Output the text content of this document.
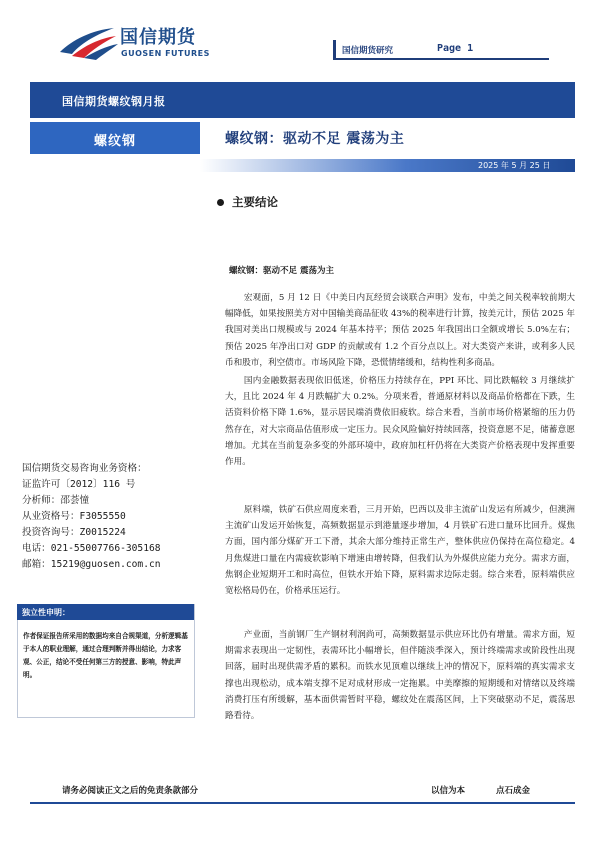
国信期货
GUOSEN FUTURES	国信期货研究	Page 1
国信期货螺纹钢月报
螺纹钢	螺纹钢：驱动不足 震荡为主
2025 年 5 月 25 日
主要结论
螺纹钢：驱动不足 震荡为主

宏观面，5 月 12 日《中美日内瓦经贸会谈联合声明》发布，中美之间关税率较前期大幅降低，如果按照美方对中国输美商品征收 43%的税率进行计算，按美元计，预估 2025 年我国对美出口规模或与 2024 年基本持平；预估 2025 年我国出口全额或增长 5.0%左右；预估 2025 年净出口对 GDP 的贡献或有 1.2 个百分点以上。对大类资产来讲，或利多人民币和股市，利空债市。市场风险下降，恐慌情绪缓和，结构性利多商品。

国内金融数据表现依旧低迷，价格压力持续存在，PPI 环比、同比跌幅较 3 月继续扩大，且比 2024 年 4 月跌幅扩大 0.2%。分项来看，普通原材料以及商品价格都在下跌，生活资料价格下降 1.6%，显示居民端消费依旧疲软。综合来看，当前市场价格紧缩的压力仍然存在，对大宗商品估值形成一定压力。民众风险偏好持续回落，投资意愿不足，储蓄意愿增加。尤其在当前复杂多变的外部环境中，政府加杠杆仍将在大类资产价格表现中发挥重要作用。

原料端，铁矿石供应周度来看，三月开始，巴西以及非主流矿山发运有所减少，但澳洲主流矿山发运开始恢复，高频数据显示到港量逐步增加，4 月铁矿石进口量环比回升。煤焦方面，国内部分煤矿开工下滑，其余大部分维持正常生产，整体供应仍保持在高位稳定。4 月焦煤进口量在内需疲软影响下增速由增转降，但我们认为外煤供应能力充分。需求方面，焦钢企业短期开工和时高位，但铁水开始下降，原料需求边际走弱。综合来看，原料端供应宽松格局仍在，价格承压运行。

产业面，当前钢厂生产钢材利润尚可，高频数据显示供应环比仍有增量。需求方面，短期需求表现出一定韧性，表需环比小幅增长，但伴随淡季深入，预计终端需求或阶段性出现回落，届时出现供需矛盾的累积。而铁水见顶难以继续上冲的情况下，原料端的真实需求支撑也出现松动，成本端支撑不足对成材形成一定拖累。中美摩擦的短期缓和对情绪以及终端消费打压有所缓解，基本面供需暂时平稳，螺纹处在震荡区间，上下突破驱动不足，震荡思路看待。

国信期货交易咨询业务资格：
证监许可〔2012〕116 号
分析师：邵荟憧
从业资格号：F3055550
投资咨询号：Z0015224
电话：021-55007766-305168
邮箱：15219@guosen.com.cn
独立性申明：

作者保证报告所采用的数据均来自合规渠道，分析逻辑基于本人的职业理解，通过合理判断并得出结论，力求客观、公正，结论不受任何第三方的授意、影响，特此声明。

请务必阅读正文之后的免责条款部分	以信为本	点石成金
